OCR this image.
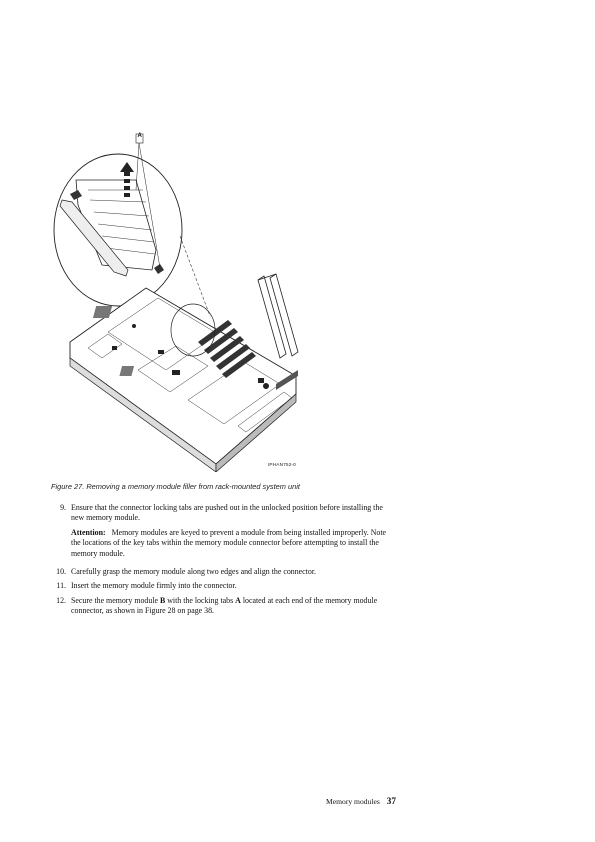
A
IPHAN752-0
Figure 27. Removing a memory module filler from rack-mounted system unit
9. Ensure that the connector locking tabs are pushed out in the unlocked position before installing the new memory module.
Attention: Memory modules are keyed to prevent a module from being installed improperly. Note the locations of the key tabs within the memory module connector before attempting to install the memory module.
10. Carefully grasp the memory module along two edges and align the connector.
11. Insert the memory module firmly into the connector.
12. Secure the memory module B with the locking tabs A located at each end of the memory module connector, as shown in Figure 28 on page 38.
Memory modules 37
